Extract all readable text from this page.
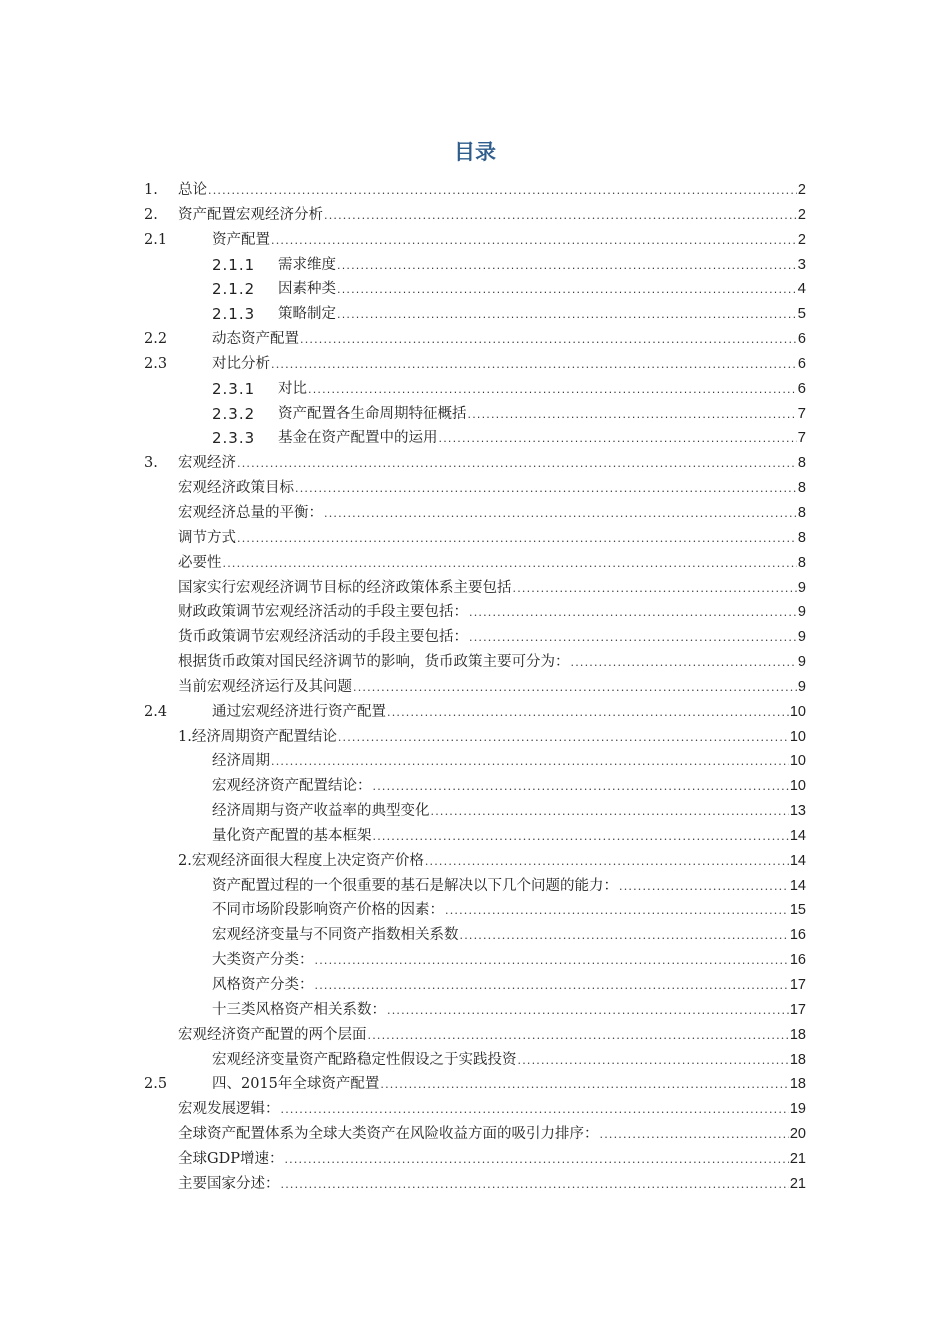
目录
1. 总论 .....	2
2. 资产配置宏观经济分析 .....	2
2.1	资产配置 .....	2
2.1.1 需求维度 .....	3
2.1.2 因素种类 .....	4
2.1.3 策略制定 .....	5
2.2	动态资产配置 .....	6
2.3	对比分析 .....	6
2.3.1 对比 .....	6
2.3.2 资产配置各生命周期特征概括 .....	7
2.3.3 基金在资产配置中的运用 .....	7
3. 宏观经济 .....	8
宏观经济政策目标 .....	8
宏观经济总量的平衡： .....	8
调节方式 .....	8
必要性 .....	8
国家实行宏观经济调节目标的经济政策体系主要包括 .....	9
财政政策调节宏观经济活动的手段主要包括： .....	9
货币政策调节宏观经济活动的手段主要包括： .....	9
根据货币政策对国民经济调节的影响，货币政策主要可分为： .....	9
当前宏观经济运行及其问题 .....	9
2.4	通过宏观经济进行资产配置 .....	10
1.经济周期资产配置结论 .....	10
经济周期 .....	10
宏观经济资产配置结论： .....	10
经济周期与资产收益率的典型变化 .....	13
量化资产配置的基本框架 .....	14
2.宏观经济面很大程度上决定资产价格 .....	14
资产配置过程的一个很重要的基石是解决以下几个问题的能力： .....	14
不同市场阶段影响资产价格的因素： .....	15
宏观经济变量与不同资产指数相关系数 .....	16
大类资产分类： .....	16
风格资产分类： .....	17
十三类风格资产相关系数： .....	17
宏观经济资产配置的两个层面 .....	18
宏观经济变量资产配路稳定性假设之于实践投资 .....	18
2.5	四、2015年全球资产配置 .....	18
宏观发展逻辑： .....	19
全球资产配置体系为全球大类资产在风险收益方面的吸引力排序： .....	20
全球GDP增速： .....	21
主要国家分述： .....	21
